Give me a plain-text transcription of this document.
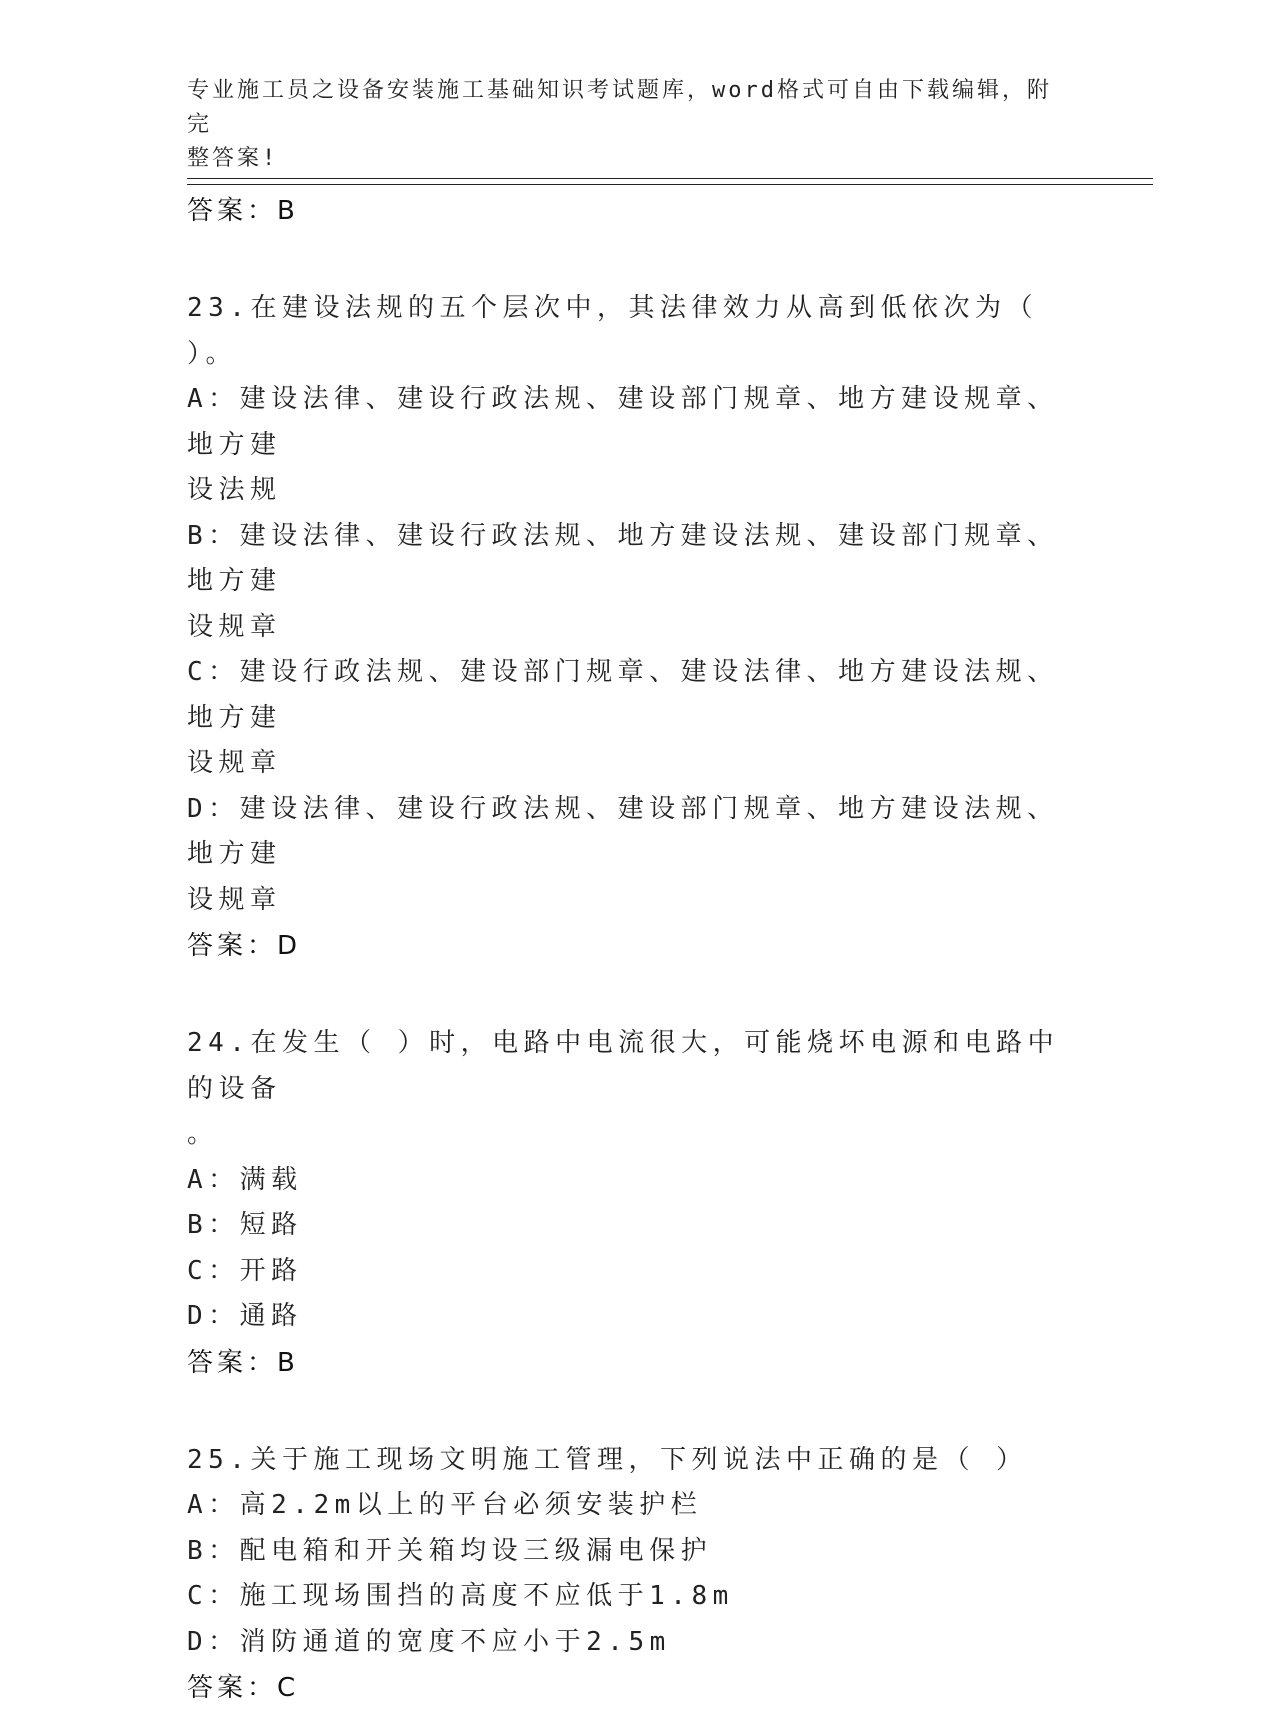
专业施工员之设备安装施工基础知识考试题库，word格式可自由下载编辑，附完
整答案!
答案：B
23.在建设法规的五个层次中，其法律效力从高到低依次为（ ）。
A：建设法律、建设行政法规、建设部门规章、地方建设规章、地方建
设法规
B：建设法律、建设行政法规、地方建设法规、建设部门规章、地方建
设规章
C：建设行政法规、建设部门规章、建设法律、地方建设法规、地方建
设规章
D：建设法律、建设行政法规、建设部门规章、地方建设法规、地方建
设规章
答案：D
24.在发生（ ）时，电路中电流很大，可能烧坏电源和电路中的设备
。
A：满载
B：短路
C：开路
D：通路
答案：B
25.关于施工现场文明施工管理，下列说法中正确的是（ ）
A：高2.2m以上的平台必须安装护栏
B：配电箱和开关箱均设三级漏电保护
C：施工现场围挡的高度不应低于1.8m
D：消防通道的宽度不应小于2.5m
答案：C
